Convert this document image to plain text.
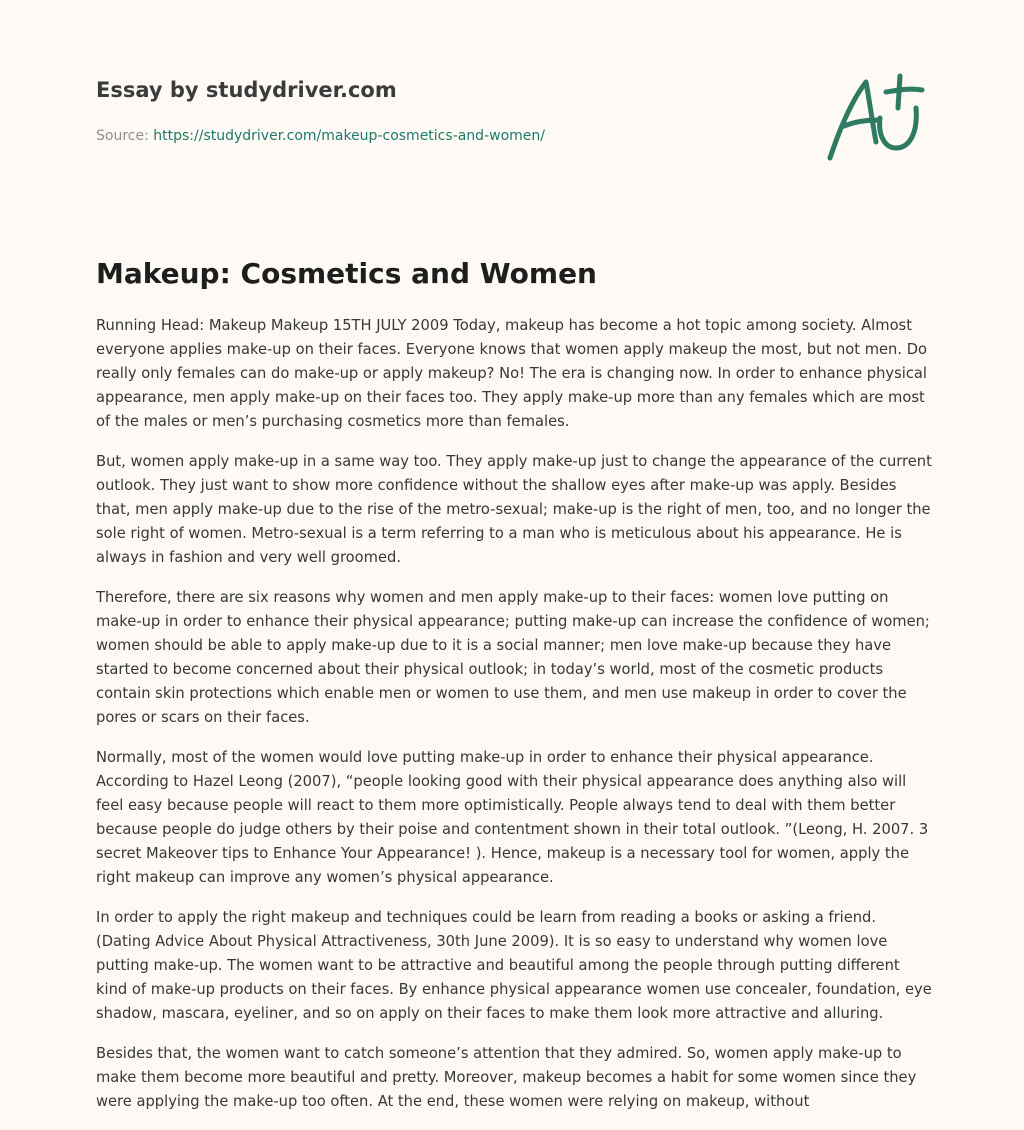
Essay by studydriver.com
Source: https://studydriver.com/makeup-cosmetics-and-women/
Makeup: Cosmetics and Women

Running Head: Makeup Makeup 15TH JULY 2009 Today, makeup has become a hot topic among society. Almost everyone applies make-up on their faces. Everyone knows that women apply makeup the most, but not men. Do really only females can do make-up or apply makeup? No! The era is changing now. In order to enhance physical appearance, men apply make-up on their faces too. They apply make-up more than any females which are most of the males or men’s purchasing cosmetics more than females.

But, women apply make-up in a same way too. They apply make-up just to change the appearance of the current outlook. They just want to show more confidence without the shallow eyes after make-up was apply. Besides that, men apply make-up due to the rise of the metro-sexual; make-up is the right of men, too, and no longer the sole right of women. Metro-sexual is a term referring to a man who is meticulous about his appearance. He is always in fashion and very well groomed.

Therefore, there are six reasons why women and men apply make-up to their faces: women love putting on make-up in order to enhance their physical appearance; putting make-up can increase the confidence of women; women should be able to apply make-up due to it is a social manner; men love make-up because they have started to become concerned about their physical outlook; in today’s world, most of the cosmetic products contain skin protections which enable men or women to use them, and men use makeup in order to cover the pores or scars on their faces.

Normally, most of the women would love putting make-up in order to enhance their physical appearance. According to Hazel Leong (2007), “people looking good with their physical appearance does anything also will feel easy because people will react to them more optimistically. People always tend to deal with them better because people do judge others by their poise and contentment shown in their total outlook. ”(Leong, H. 2007. 3 secret Makeover tips to Enhance Your Appearance! ). Hence, makeup is a necessary tool for women, apply the right makeup can improve any women’s physical appearance.

In order to apply the right makeup and techniques could be learn from reading a books or asking a friend. (Dating Advice About Physical Attractiveness, 30th June 2009). It is so easy to understand why women love putting make-up. The women want to be attractive and beautiful among the people through putting different kind of make-up products on their faces. By enhance physical appearance women use concealer, foundation, eye shadow, mascara, eyeliner, and so on apply on their faces to make them look more attractive and alluring.

Besides that, the women want to catch someone’s attention that they admired. So, women apply make-up to make them become more beautiful and pretty. Moreover, makeup becomes a habit for some women since they were applying the make-up too often. At the end, these women were relying on makeup, without
